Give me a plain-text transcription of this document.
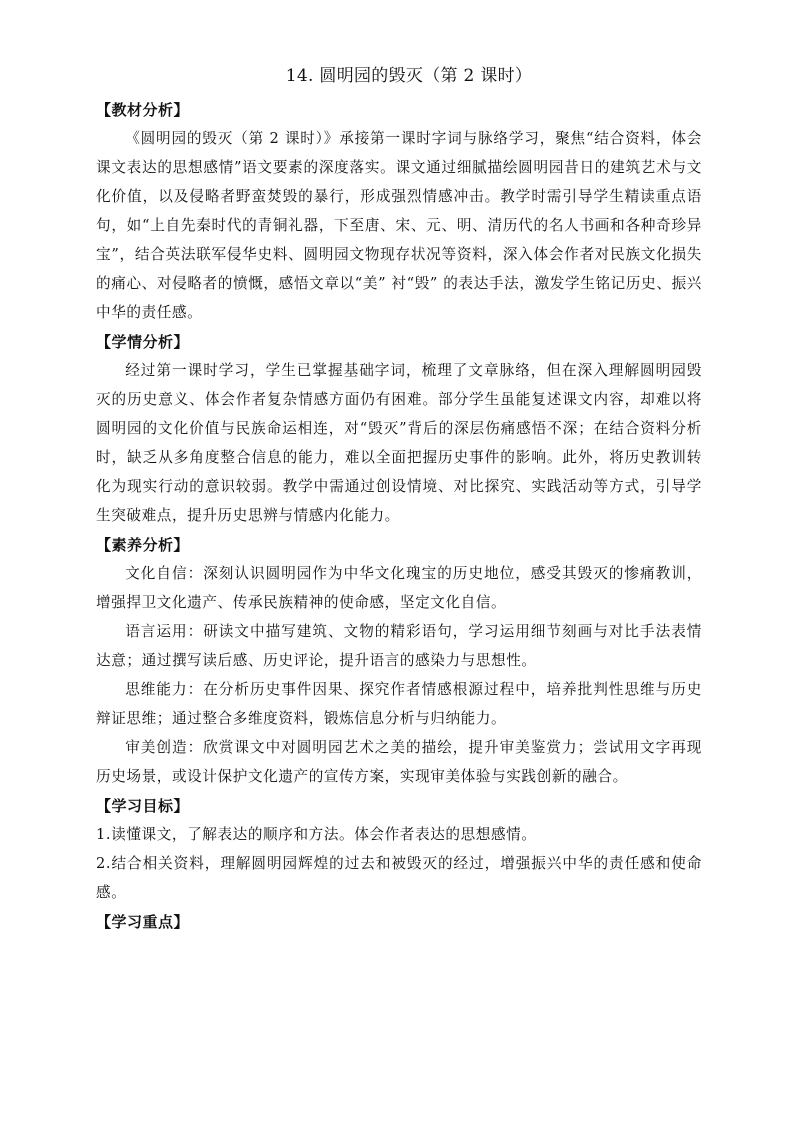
14. 圆明园的毁灭（第 2 课时）
【教材分析】

《圆明园的毁灭（第 2 课时）》承接第一课时字词与脉络学习，聚焦“结合资料，体会课文表达的思想感情”语文要素的深度落实。课文通过细腻描绘圆明园昔日的建筑艺术与文化价值，以及侵略者野蛮焚毁的暴行，形成强烈情感冲击。教学时需引导学生精读重点语句，如“上自先秦时代的青铜礼器，下至唐、宋、元、明、清历代的名人书画和各种奇珍异宝”，结合英法联军侵华史料、圆明园文物现存状况等资料，深入体会作者对民族文化损失的痛心、对侵略者的愤慨，感悟文章以“美” 衬“毁” 的表达手法，激发学生铭记历史、振兴中华的责任感。

【学情分析】

经过第一课时学习，学生已掌握基础字词，梳理了文章脉络，但在深入理解圆明园毁灭的历史意义、体会作者复杂情感方面仍有困难。部分学生虽能复述课文内容，却难以将圆明园的文化价值与民族命运相连，对“毁灭”背后的深层伤痛感悟不深；在结合资料分析时，缺乏从多角度整合信息的能力，难以全面把握历史事件的影响。此外，将历史教训转化为现实行动的意识较弱。教学中需通过创设情境、对比探究、实践活动等方式，引导学生突破难点，提升历史思辨与情感内化能力。

【素养分析】

文化自信：深刻认识圆明园作为中华文化瑰宝的历史地位，感受其毁灭的惨痛教训，增强捍卫文化遗产、传承民族精神的使命感，坚定文化自信。

语言运用：研读文中描写建筑、文物的精彩语句，学习运用细节刻画与对比手法表情达意；通过撰写读后感、历史评论，提升语言的感染力与思想性。

思维能力：在分析历史事件因果、探究作者情感根源过程中，培养批判性思维与历史辩证思维；通过整合多维度资料，锻炼信息分析与归纳能力。

审美创造：欣赏课文中对圆明园艺术之美的描绘，提升审美鉴赏力；尝试用文字再现历史场景，或设计保护文化遗产的宣传方案，实现审美体验与实践创新的融合。

【学习目标】

1.读懂课文，了解表达的顺序和方法。体会作者表达的思想感情。

2.结合相关资料，理解圆明园辉煌的过去和被毁灭的经过，增强振兴中华的责任感和使命感。

【学习重点】
